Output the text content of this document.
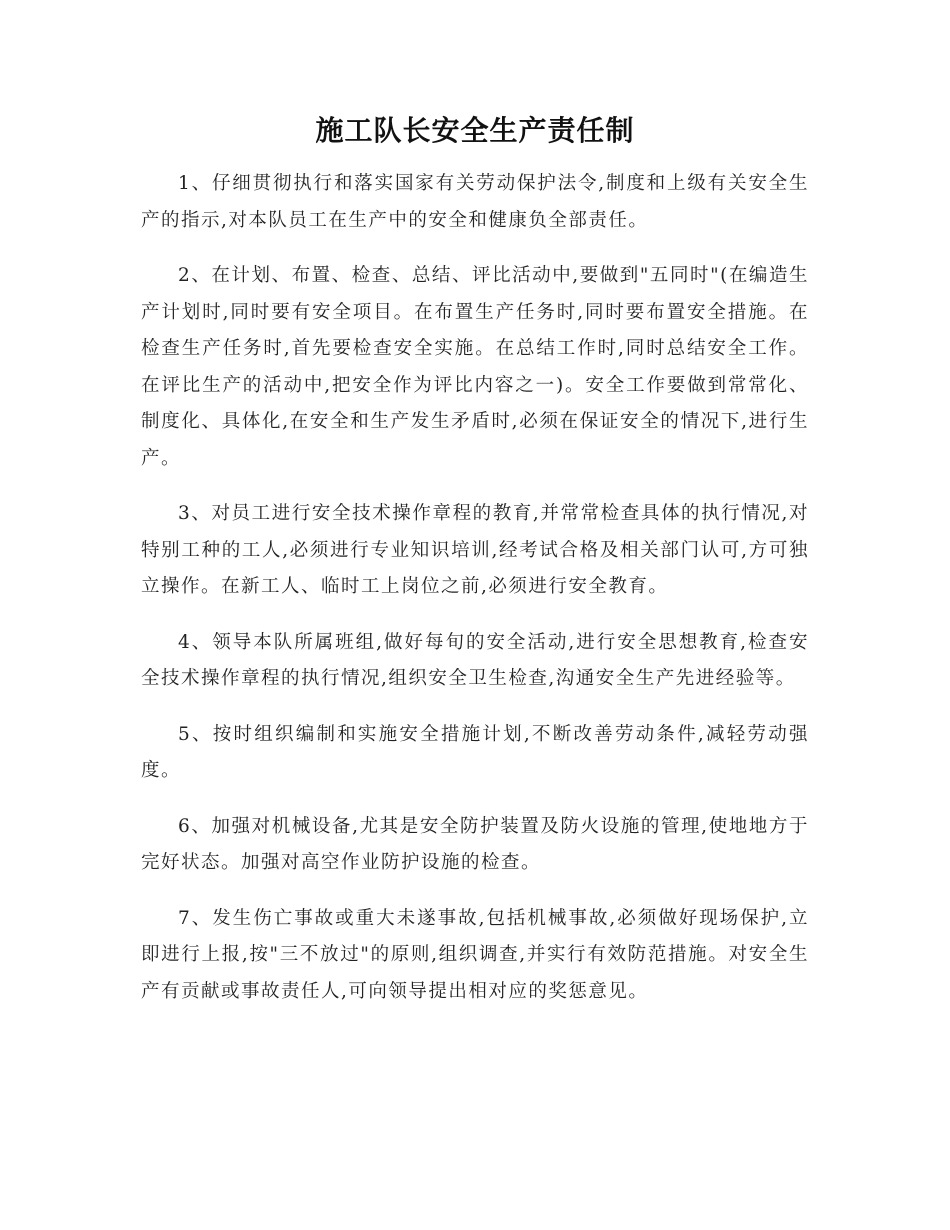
施工队长安全生产责任制

1、仔细贯彻执行和落实国家有关劳动保护法令,制度和上级有关安全生产的指示,对本队员工在生产中的安全和健康负全部责任。

2、在计划、布置、检查、总结、评比活动中,要做到"五同时"(在编造生产计划时,同时要有安全项目。在布置生产任务时,同时要布置安全措施。在检查生产任务时,首先要检查安全实施。在总结工作时,同时总结安全工作。在评比生产的活动中,把安全作为评比内容之一)。安全工作要做到常常化、制度化、具体化,在安全和生产发生矛盾时,必须在保证安全的情况下,进行生产。

3、对员工进行安全技术操作章程的教育,并常常检查具体的执行情况,对特别工种的工人,必须进行专业知识培训,经考试合格及相关部门认可,方可独立操作。在新工人、临时工上岗位之前,必须进行安全教育。

4、领导本队所属班组,做好每旬的安全活动,进行安全思想教育,检查安全技术操作章程的执行情况,组织安全卫生检查,沟通安全生产先进经验等。

5、按时组织编制和实施安全措施计划,不断改善劳动条件,减轻劳动强度。

6、加强对机械设备,尤其是安全防护装置及防火设施的管理,使地地方于完好状态。加强对高空作业防护设施的检查。

7、发生伤亡事故或重大未遂事故,包括机械事故,必须做好现场保护,立即进行上报,按"三不放过"的原则,组织调查,并实行有效防范措施。对安全生产有贡献或事故责任人,可向领导提出相对应的奖惩意见。
